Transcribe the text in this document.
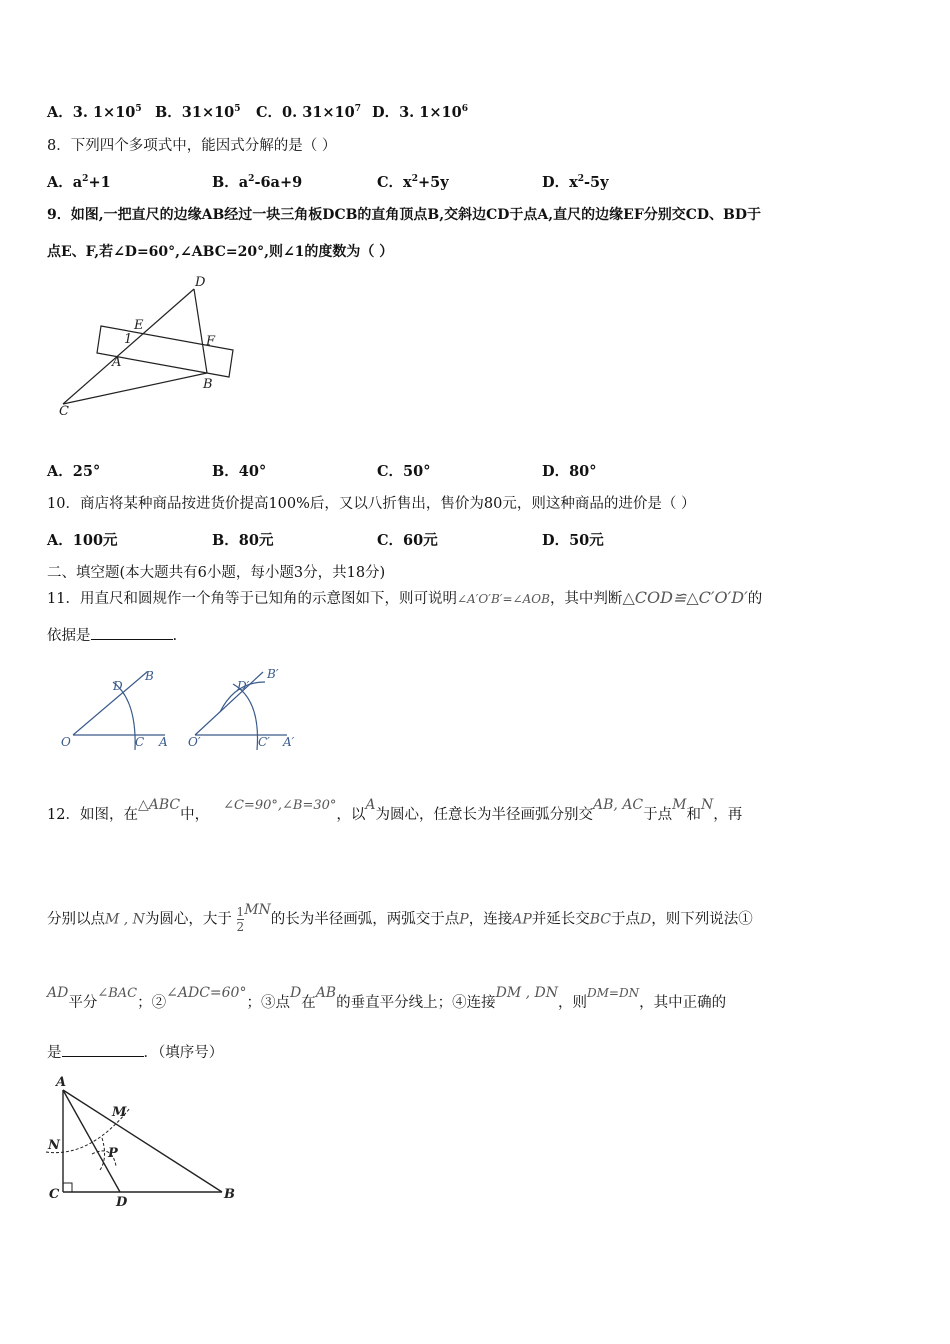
A．3. $1\times 10^5$ B．$31\times 10^5$ C．0. $31\times 10^7$ D．3. $1\times 10^6$
8．下列四个多项式中，能因式分解的是（ ）
A．$a^2+1$	B．$a^2-6a+9$	C．$x^2+5y$	D．$x^2-5y$
9．如图,一把直尺的边缘AB经过一块三角板DCB的直角顶点B,交斜边CD于点A,直尺的边缘EF分别交CD、BD于
点E、F,若∠D=60°,∠ABC=20°,则∠1的度数为（ ）
D
E
1	F
A
B
C
A．25°	B．40°	C．50°	D．80°
10．商店将某种商品按进货价提高100%后，又以八折售出，售价为80元，则这种商品的进价是（ ）
A．100元	B．80元	C．60元	D．50元
二、填空题(本大题共有6小题，每小题3分，共18分)
11．用直尺和圆规作一个角等于已知角的示意图如下，则可说明∠A′O′B′=∠AOB，其中判断△COD≌△C′O′D′的
依据是	.
O	C A
D
B
O′	C′ A′
D′
B′
12．如图，在△ABC中，∠C=90°,∠B=30°，以A为圆心，任意长为半径画弧分别交AB, AC于点M和N，再
分别以点M , N为圆心，大于 $\frac{1}{2}$ MN的长为半径画弧，两弧交于点P，连接AP并延长交BC于点D，则下列说法①
AD平分∠BAC；②∠ADC=60°；③点D在AB的垂直平分线上；④连接DM , DN，则$^{DM=DN}$，其中正确的
是	．（填序号）
A
M
N
P
C
D
B
